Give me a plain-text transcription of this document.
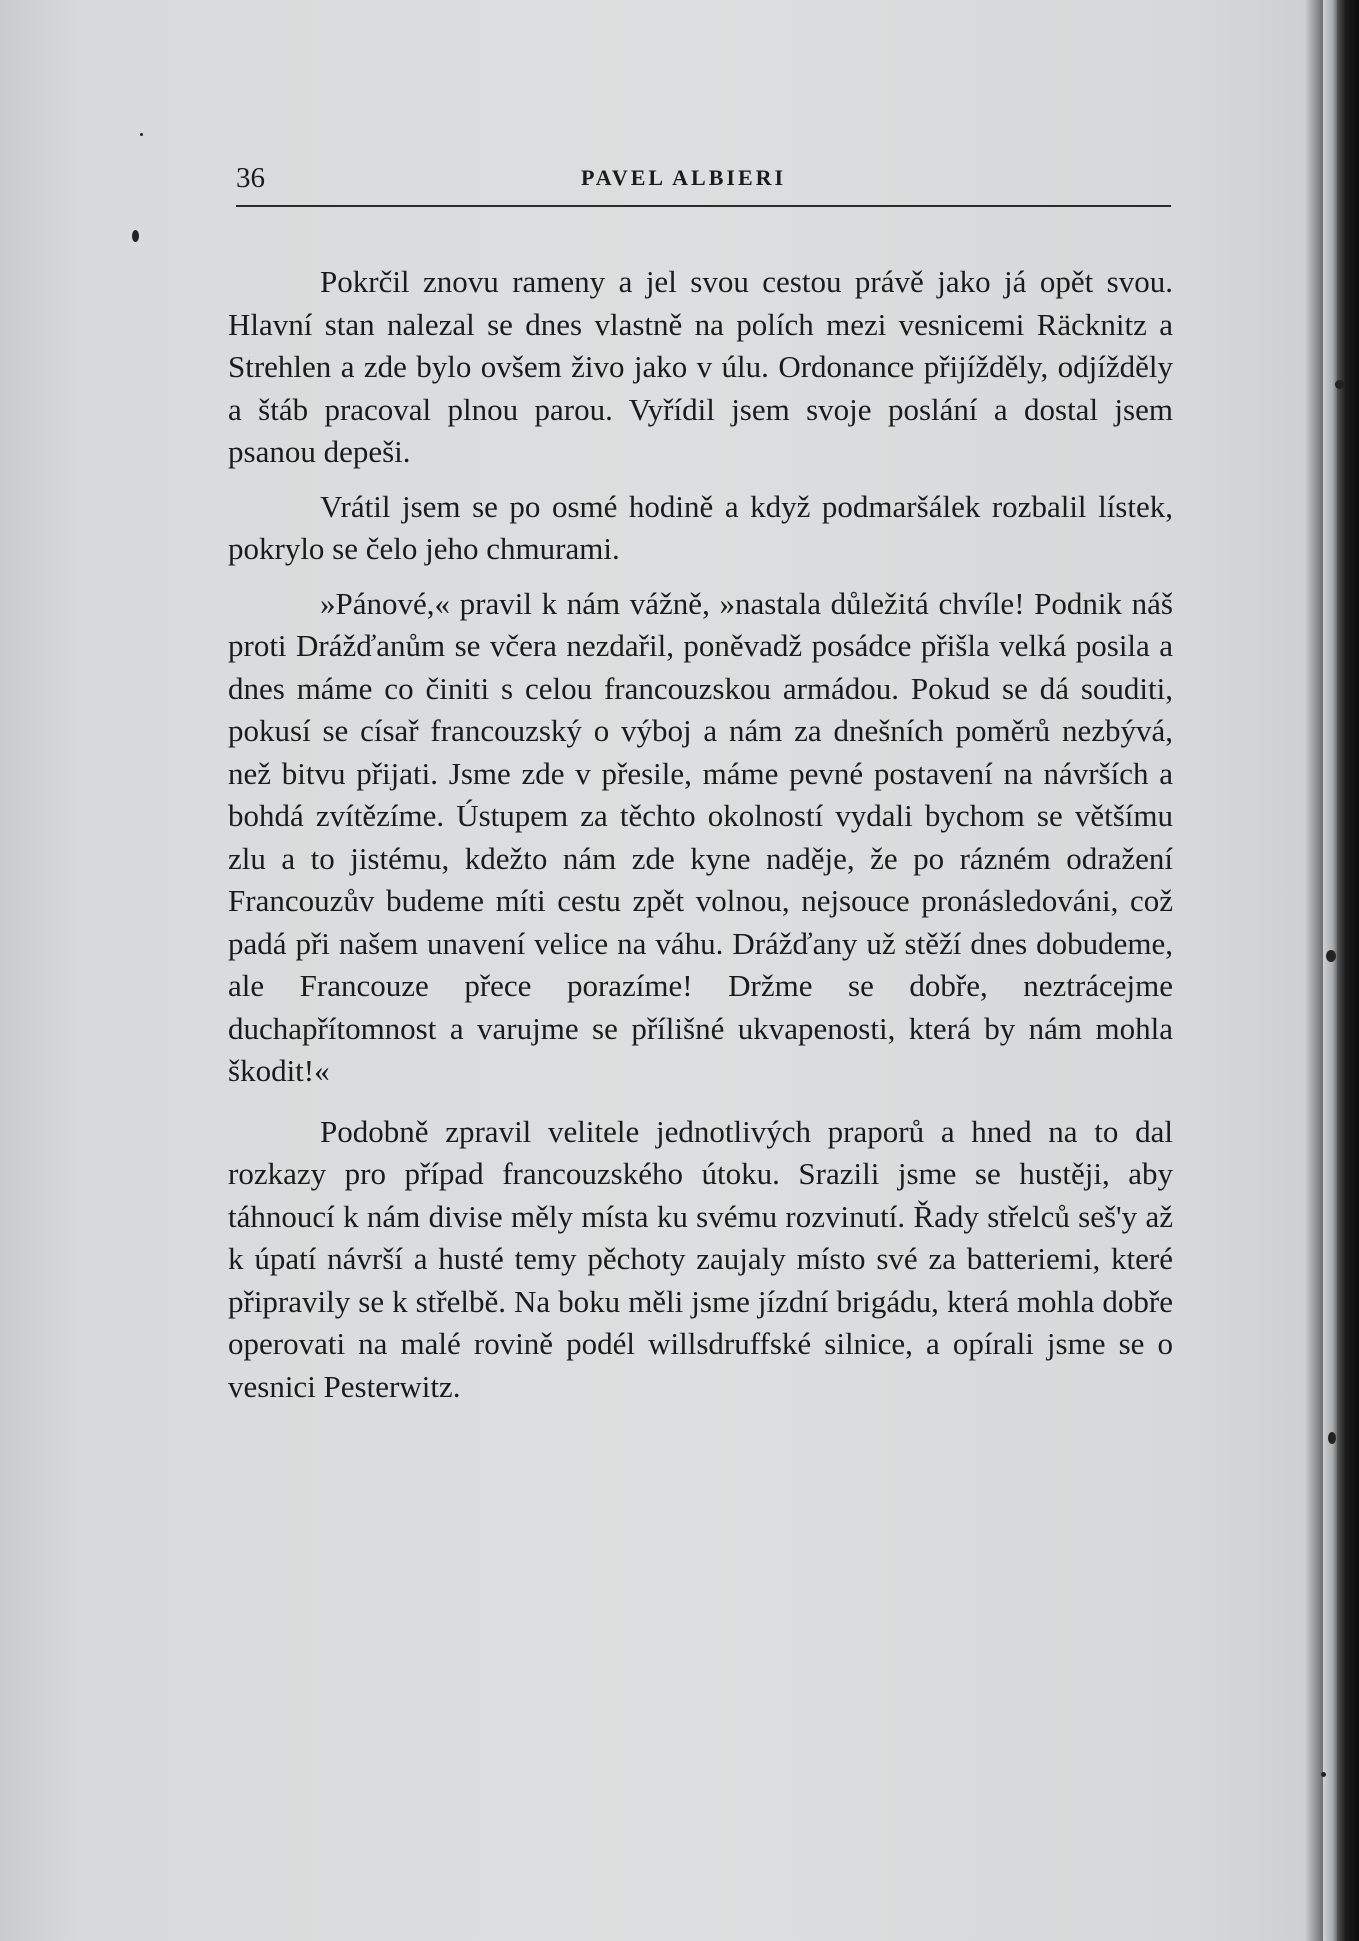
36	PAVEL ALBIERI

Pokrčil znovu rameny a jel svou cestou právě jako já opět svou. Hlavní stan nalezal se dnes vlastně na polích mezi vesnicemi Räcknitz a Strehlen a zde bylo ovšem živo jako v úlu. Ordonance přijížděly, odjížděly a štáb pracoval plnou parou. Vyřídil jsem svoje poslání a dostal jsem psanou depeši.

Vrátil jsem se po osmé hodině a když podmaršálek rozbalil lístek, pokrylo se čelo jeho chmurami.

»Pánové,« pravil k nám vážně, »nastala důležitá chvíle! Podnik náš proti Drážďanům se včera nezdařil, poněvadž posádce přišla velká posila a dnes máme co činiti s celou francouzskou armádou. Pokud se dá souditi, pokusí se císař francouzský o výboj a nám za dnešních poměrů nezbývá, než bitvu přijati. Jsme zde v přesile, máme pevné postavení na návrších a bohdá zvítězíme. Ústupem za těchto okolností vydali bychom se většímu zlu a to jistému, kdežto nám zde kyne naděje, že po rázném odražení Francouzův budeme míti cestu zpět volnou, nejsouce pronásledováni, což padá při našem unavení velice na váhu. Drážďany už stěží dnes dobudeme, ale Francouze přece porazíme! Držme se dobře, neztrácejme duchapřítomnost a varujme se přílišné ukvapenosti, která by nám mohla škodit!«

Podobně zpravil velitele jednotlivých praporů a hned na to dal rozkazy pro případ francouzského útoku. Srazili jsme se hustěji, aby táhnoucí k nám divise měly místa ku svému rozvinutí. Řady střelců seš'y až k úpatí návrší a husté temy pěchoty zaujaly místo své za batteriemi, které připravily se k střelbě. Na boku měli jsme jízdní brigádu, která mohla dobře operovati na malé rovině podél willsdruffské silnice, a opírali jsme se o vesnici Pesterwitz.
